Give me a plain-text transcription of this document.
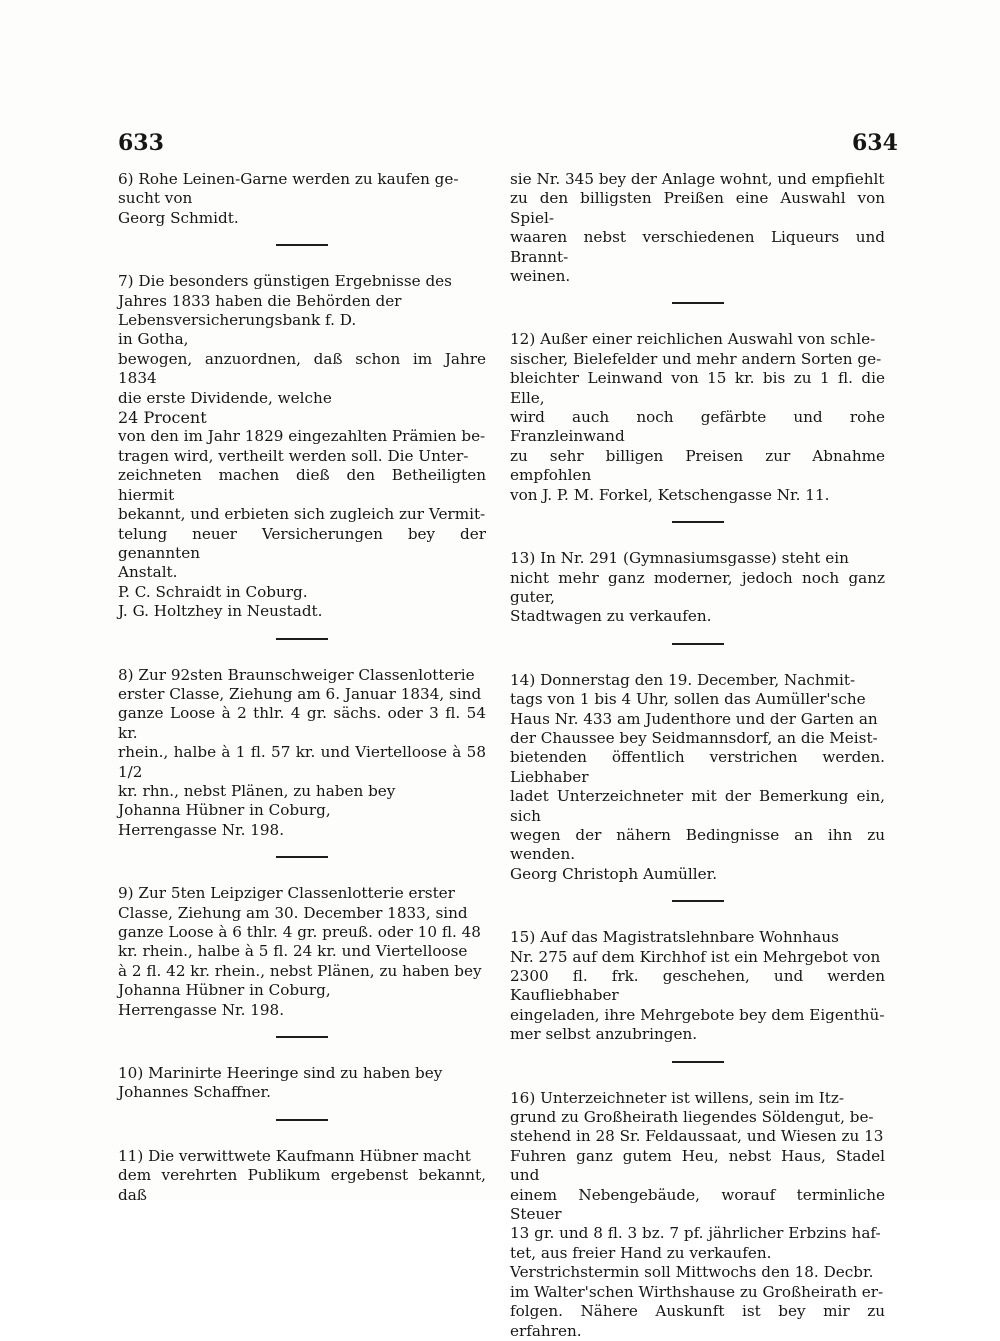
633	634

6) Rohe Leinen-Garne werden zu kaufen ge-

sucht von

Georg Schmidt.

7) Die besonders günstigen Ergebnisse des

Jahres 1833 haben die Behörden der

Lebensversicherungsbank f. D.

in Gotha,

bewogen, anzuordnen, daß schon im Jahre 1834

die erste Dividende, welche

24 Procent

von den im Jahr 1829 eingezahlten Prämien be-

tragen wird, vertheilt werden soll. Die Unter-

zeichneten machen dieß den Betheiligten hiermit

bekannt, und erbieten sich zugleich zur Vermit-

telung neuer Versicherungen bey der genannten

Anstalt.

P. C. Schraidt in Coburg.

J. G. Holtzhey in Neustadt.

8) Zur 92sten Braunschweiger Classenlotterie

erster Classe, Ziehung am 6. Januar 1834, sind

ganze Loose à 2 thlr. 4 gr. sächs. oder 3 fl. 54 kr.

rhein., halbe à 1 fl. 57 kr. und Viertelloose à 58 1/2

kr. rhn., nebst Plänen, zu haben bey

Johanna Hübner in Coburg,

Herrengasse Nr. 198.

9) Zur 5ten Leipziger Classenlotterie erster

Classe, Ziehung am 30. December 1833, sind

ganze Loose à 6 thlr. 4 gr. preuß. oder 10 fl. 48

kr. rhein., halbe à 5 fl. 24 kr. und Viertelloose

à 2 fl. 42 kr. rhein., nebst Plänen, zu haben bey

Johanna Hübner in Coburg,

Herrengasse Nr. 198.

10) Marinirte Heeringe sind zu haben bey

Johannes Schaffner.

11) Die verwittwete Kaufmann Hübner macht

dem verehrten Publikum ergebenst bekannt, daß

sie Nr. 345 bey der Anlage wohnt, und empfiehlt

zu den billigsten Preißen eine Auswahl von Spiel-

waaren nebst verschiedenen Liqueurs und Brannt-

weinen.

12) Außer einer reichlichen Auswahl von schle-

sischer, Bielefelder und mehr andern Sorten ge-

bleichter Leinwand von 15 kr. bis zu 1 fl. die Elle,

wird auch noch gefärbte und rohe Franzleinwand

zu sehr billigen Preisen zur Abnahme empfohlen

von J. P. M. Forkel, Ketschengasse Nr. 11.

13) In Nr. 291 (Gymnasiumsgasse) steht ein

nicht mehr ganz moderner, jedoch noch ganz guter,

Stadtwagen zu verkaufen.

14) Donnerstag den 19. December, Nachmit-

tags von 1 bis 4 Uhr, sollen das Aumüller'sche

Haus Nr. 433 am Judenthore und der Garten an

der Chaussee bey Seidmannsdorf, an die Meist-

bietenden öffentlich verstrichen werden. Liebhaber

ladet Unterzeichneter mit der Bemerkung ein, sich

wegen der nähern Bedingnisse an ihn zu wenden.

Georg Christoph Aumüller.

15) Auf das Magistratslehnbare Wohnhaus

Nr. 275 auf dem Kirchhof ist ein Mehrgebot von

2300 fl. frk. geschehen, und werden Kaufliebhaber

eingeladen, ihre Mehrgebote bey dem Eigenthü-

mer selbst anzubringen.

16) Unterzeichneter ist willens, sein im Itz-

grund zu Großheirath liegendes Söldengut, be-

stehend in 28 Sr. Feldaussaat, und Wiesen zu 13

Fuhren ganz gutem Heu, nebst Haus, Stadel und

einem Nebengebäude, worauf terminliche Steuer

13 gr. und 8 fl. 3 bz. 7 pf. jährlicher Erbzins haf-

tet, aus freier Hand zu verkaufen.

Verstrichstermin soll Mittwochs den 18. Decbr.

im Walter'schen Wirthshause zu Großheirath er-

folgen. Nähere Auskunft ist bey mir zu erfahren.
